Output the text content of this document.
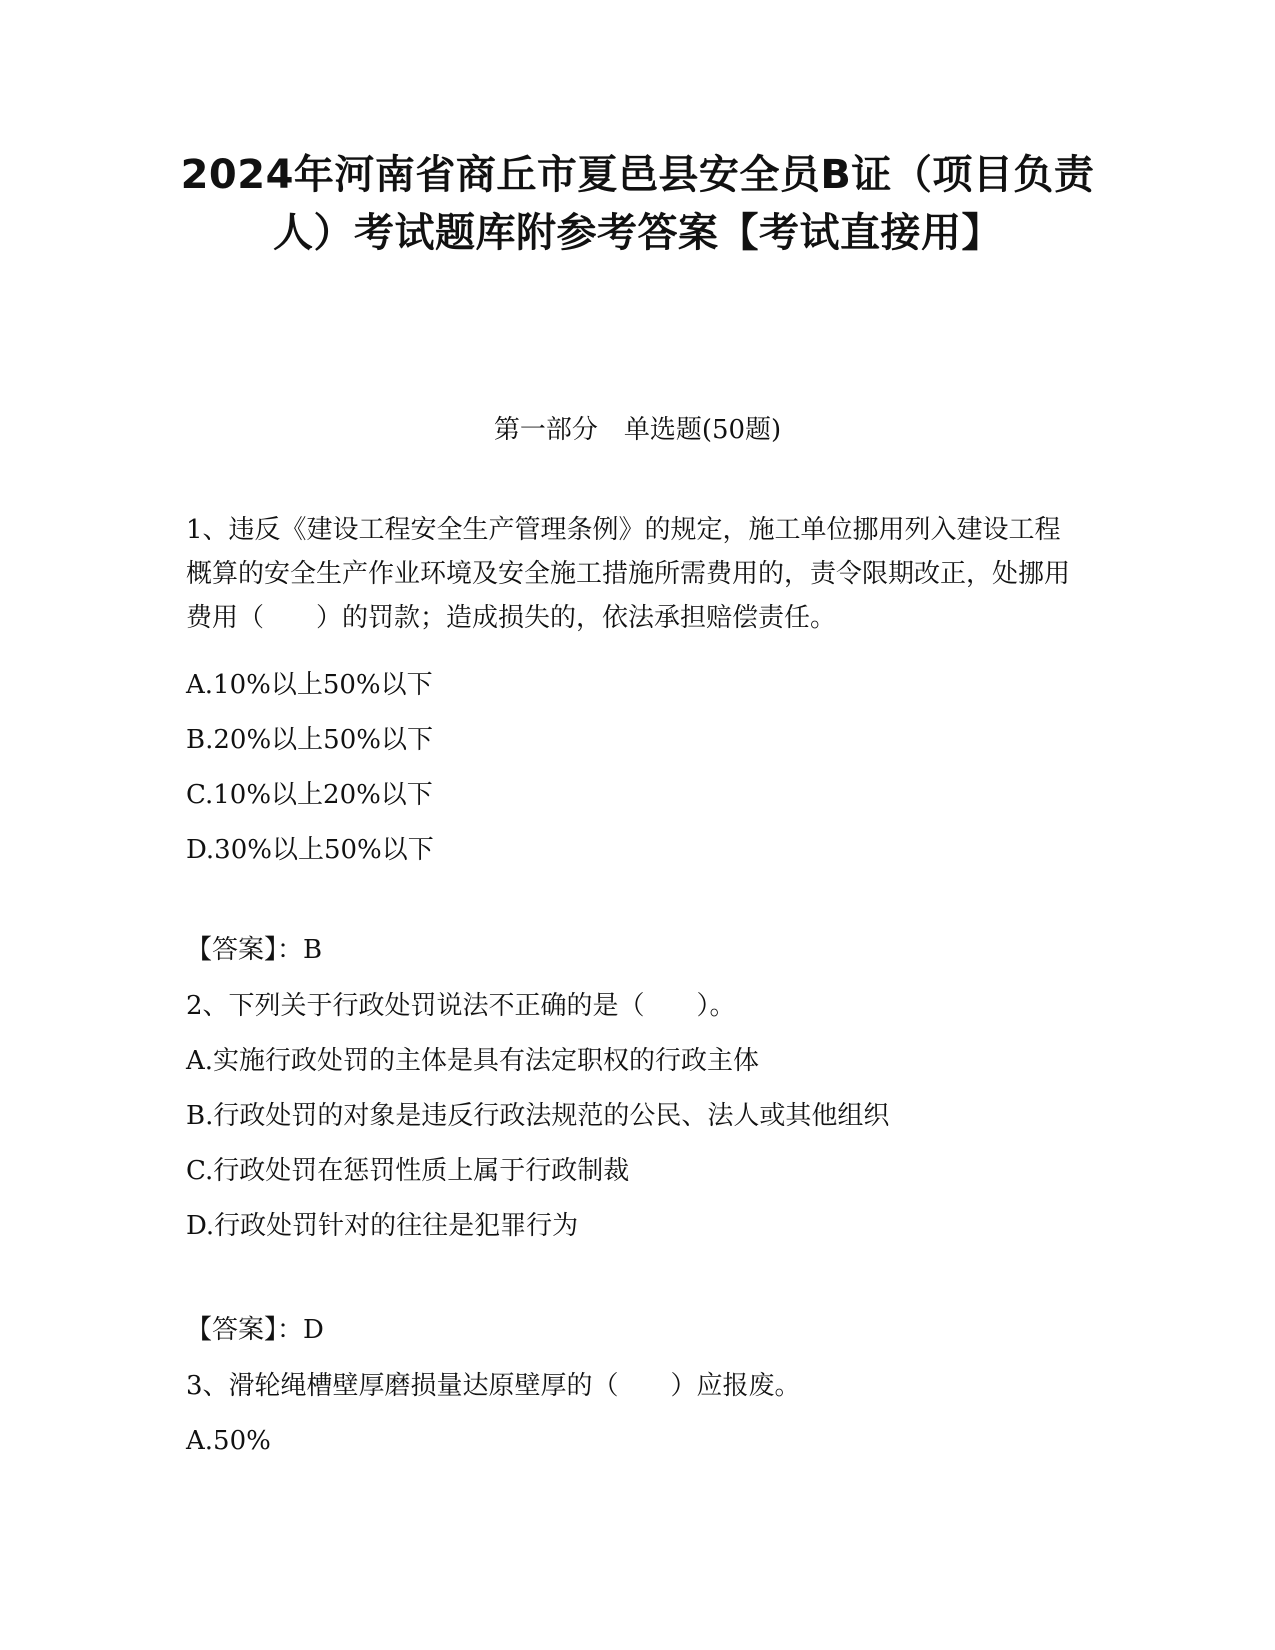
2024年河南省商丘市夏邑县安全员B证（项目负责人）考试题库附参考答案【考试直接用】
第一部分　单选题(50题)

1、违反《建设工程安全生产管理条例》的规定，施工单位挪用列入建设工程概算的安全生产作业环境及安全施工措施所需费用的，责令限期改正，处挪用费用（　　）的罚款；造成损失的，依法承担赔偿责任。

A.10%以上50%以下

B.20%以上50%以下

C.10%以上20%以下

D.30%以上50%以下

【答案】：B

2、下列关于行政处罚说法不正确的是（　　）。

A.实施行政处罚的主体是具有法定职权的行政主体

B.行政处罚的对象是违反行政法规范的公民、法人或其他组织

C.行政处罚在惩罚性质上属于行政制裁

D.行政处罚针对的往往是犯罪行为

【答案】：D

3、滑轮绳槽壁厚磨损量达原壁厚的（　　）应报废。

A.50%
